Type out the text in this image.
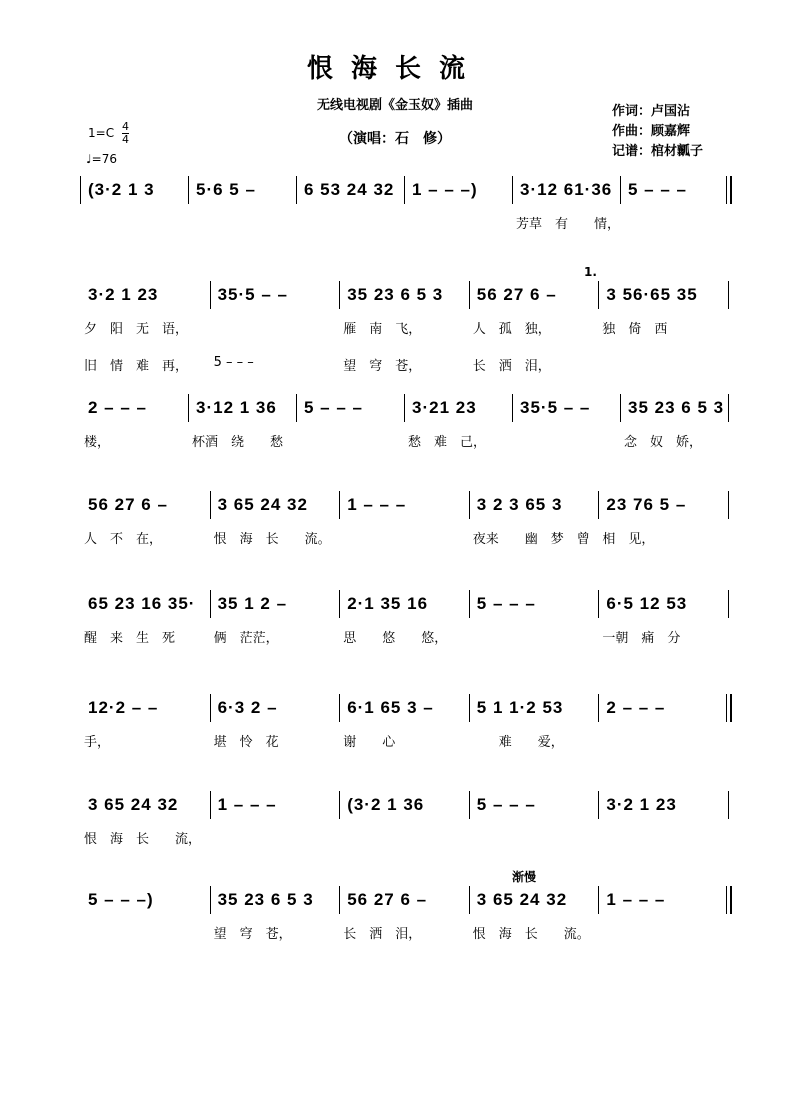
恨海长流
无线电视剧《金玉奴》插曲
（演唱：石　修）
作词：卢国沾
作曲：顾嘉辉
记谱：棺材瓤子
1=C 4
4
♩=76
1.
渐慢
(3·2 1 3	5·6 5 –	6 53 24 32 1 – – –)	3·12 61·36 5 – – –
芳草　有　　情，
3·2 1 23	35·5 – –	35 23 6 5 3	56 27 6 –	3 56·65 35
夕　阳　无　语，	雁　南　飞，	人　孤　独，	独　倚　西
旧　情　难　再， 5 – – –	望　穹　苍，	长　洒　泪，
2 – – –	3·12 1 36	5 – – –	3·21 23	35·5 – –	35 23 6 5 3
楼，	杯酒　绕　　愁	愁　难　己，	念　奴　娇，
56 27 6 –	3 65 24 32	1 – – –	3 2 3 65 3	23 76 5 –
人　不　在，	恨　海　长　　流。	夜来　　幽　梦　曾 相　见，
65 23 16 35·	35 1 2 –	2·1 35 16	5 – – –	6·5 12 53
醒　来　生　死	俩　茫茫，	思　　悠　　悠，	一朝　痛　分
12·2 – –	6·3 2 –	6·1 65 3 –	5 1 1·2 53	2 – – –
手，	堪　怜　花	谢　　心	　　难　　爱，
3 65 24 32	1 – – –	(3·2 1 36	5 – – –	3·2 1 23
恨　海　长　　流，
5 – – –)	35 23 6 5 3	56 27 6 –	3 65 24 32	1 – – –
望　穹　苍，	长　洒　泪，	恨　海　长　　流。
